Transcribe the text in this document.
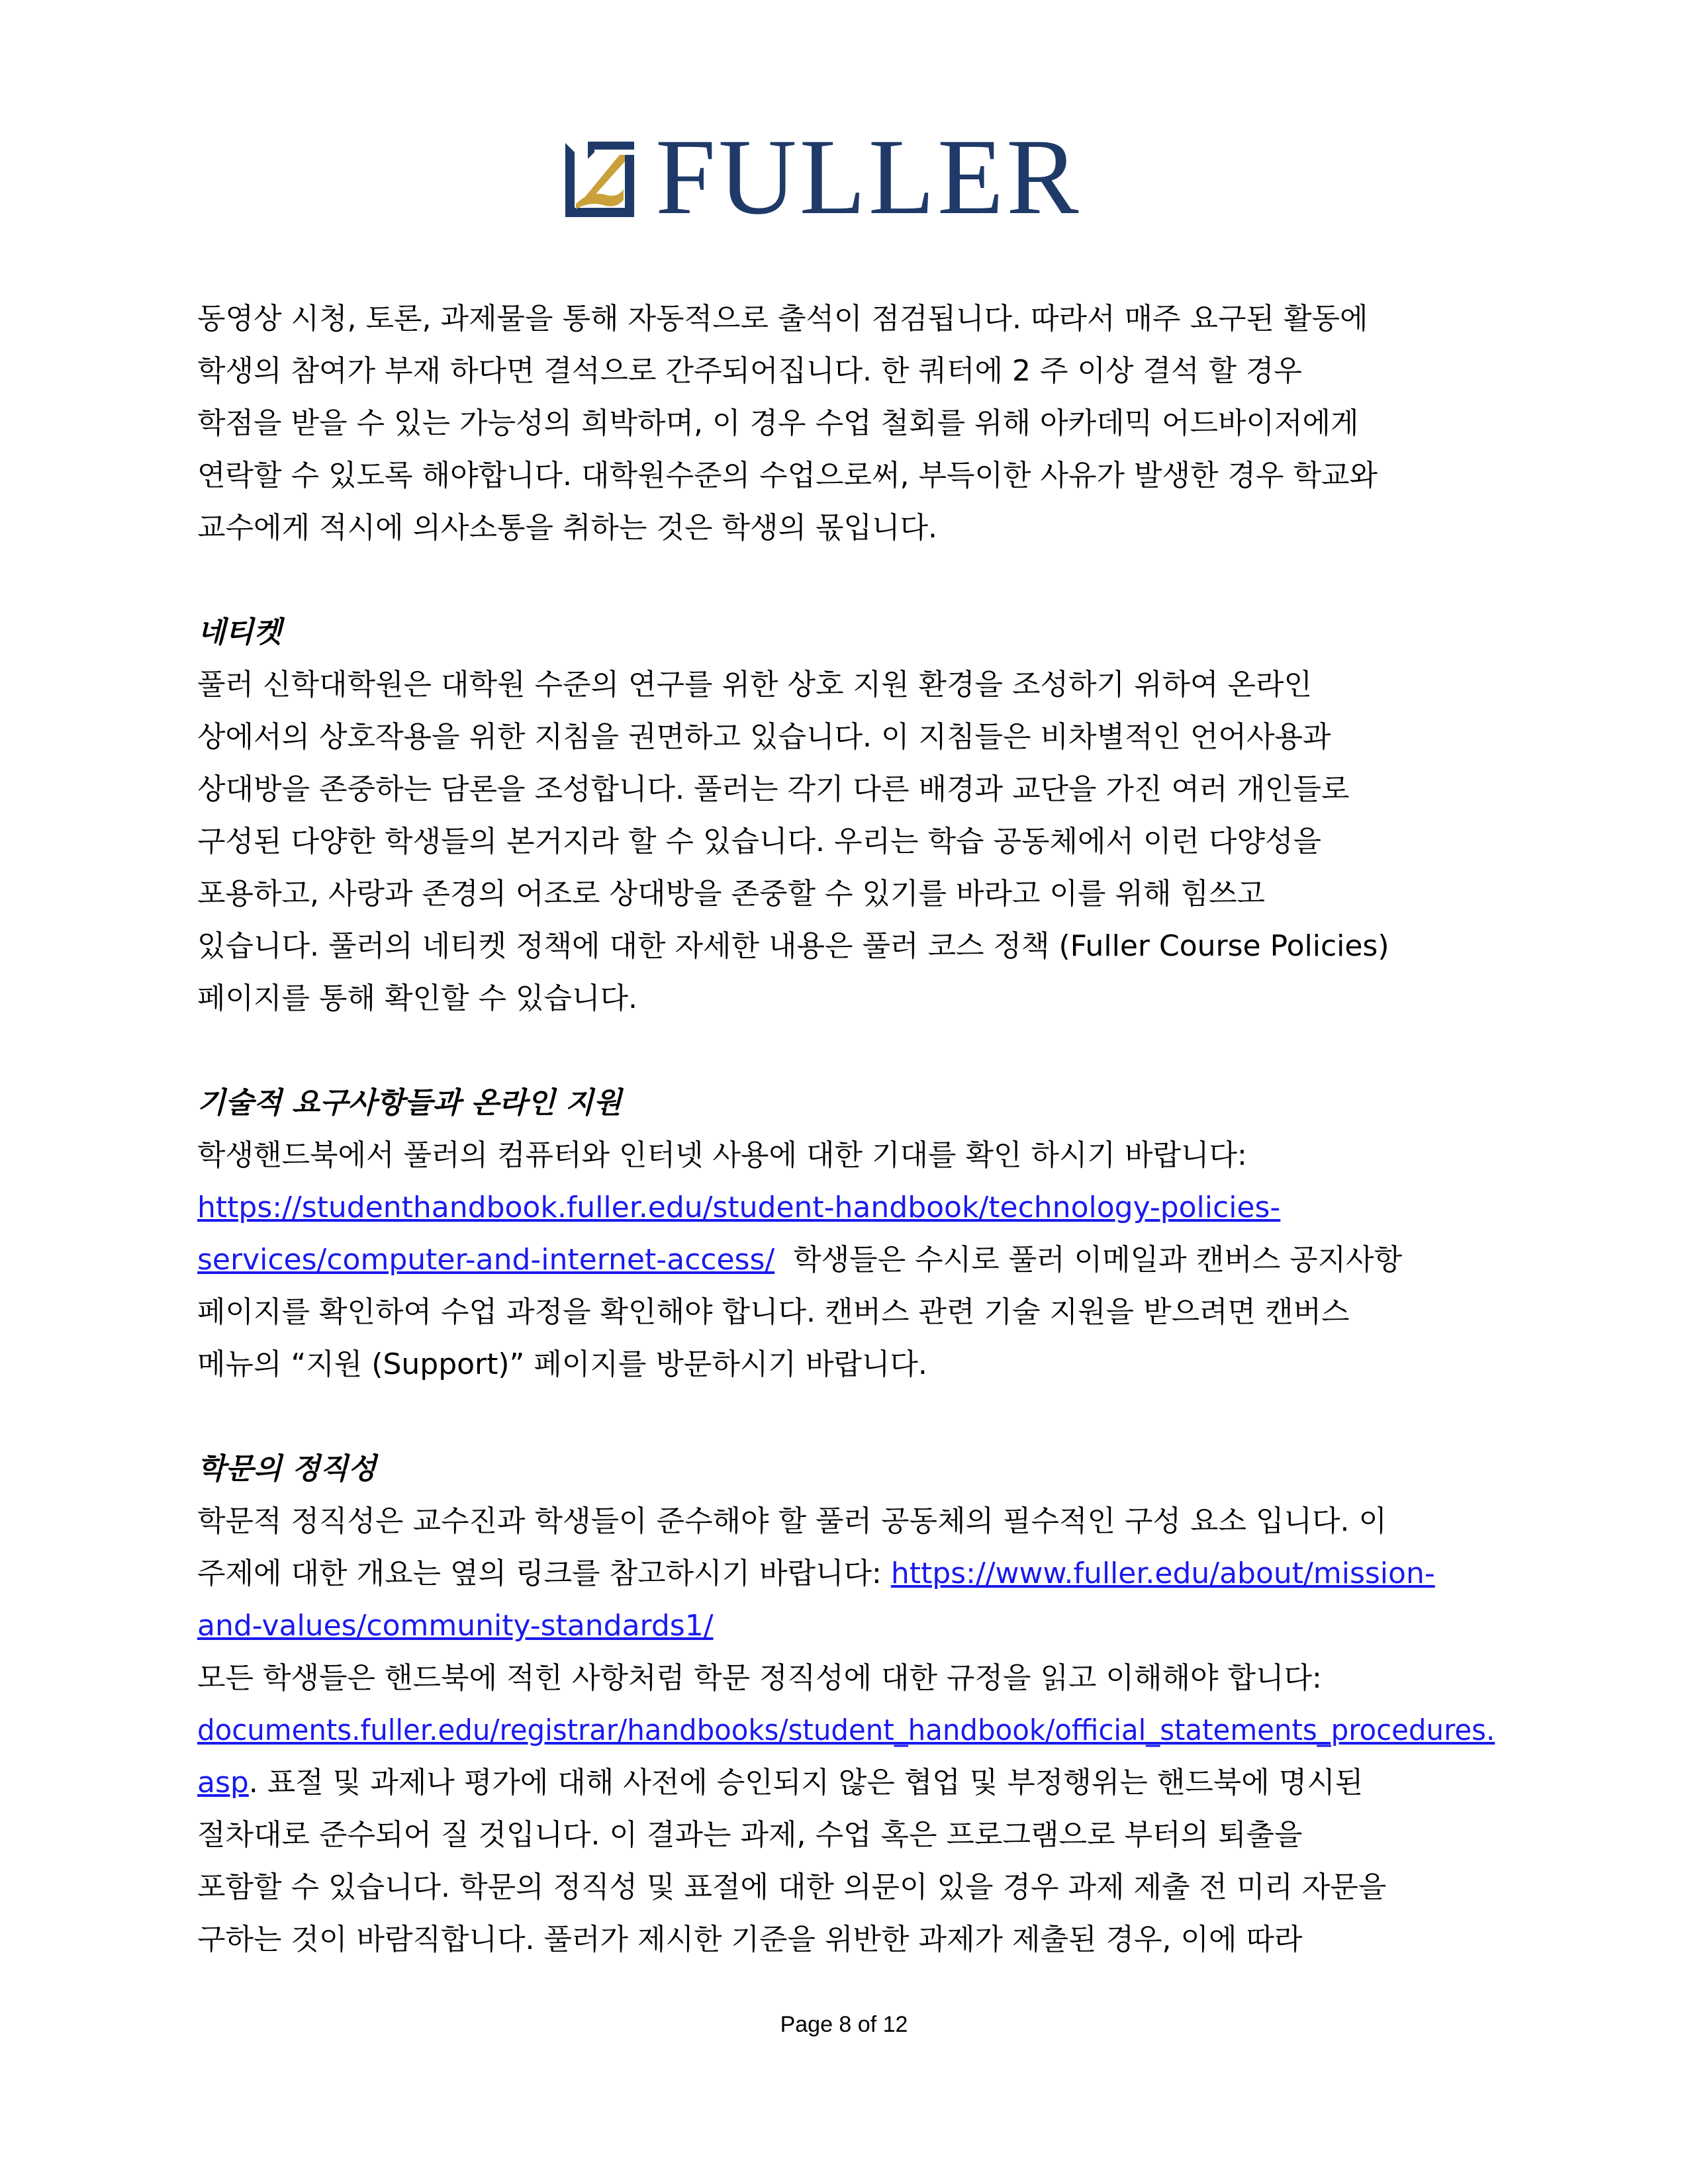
FULLER
동영상 시청, 토론, 과제물을 통해 자동적으로 출석이 점검됩니다. 따라서 매주 요구된 활동에
학생의 참여가 부재 하다면 결석으로 간주되어집니다. 한 쿼터에 2 주 이상 결석 할 경우
학점을 받을 수 있는 가능성의 희박하며, 이 경우 수업 철회를 위해 아카데믹 어드바이저에게
연락할 수 있도록 해야합니다. 대학원수준의 수업으로써, 부득이한 사유가 발생한 경우 학교와
교수에게 적시에 의사소통을 취하는 것은 학생의 몫입니다.
네티켓
풀러 신학대학원은 대학원 수준의 연구를 위한 상호 지원 환경을 조성하기 위하여 온라인
상에서의 상호작용을 위한 지침을 권면하고 있습니다. 이 지침들은 비차별적인 언어사용과
상대방을 존중하는 담론을 조성합니다. 풀러는 각기 다른 배경과 교단을 가진 여러 개인들로
구성된 다양한 학생들의 본거지라 할 수 있습니다. 우리는 학습 공동체에서 이런 다양성을
포용하고, 사랑과 존경의 어조로 상대방을 존중할 수 있기를 바라고 이를 위해 힘쓰고
있습니다. 풀러의 네티켓 정책에 대한 자세한 내용은 풀러 코스 정책 (Fuller Course Policies)
페이지를 통해 확인할 수 있습니다.
기술적 요구사항들과 온라인 지원
학생핸드북에서 풀러의 컴퓨터와 인터넷 사용에 대한 기대를 확인 하시기 바랍니다:
https://studenthandbook.fuller.edu/student-handbook/technology-policies-
services/computer-and-internet-access/  학생들은 수시로 풀러 이메일과 캔버스 공지사항
페이지를 확인하여 수업 과정을 확인해야 합니다. 캔버스 관련 기술 지원을 받으려면 캔버스
메뉴의 “지원 (Support)” 페이지를 방문하시기 바랍니다.
학문의 정직성
학문적 정직성은 교수진과 학생들이 준수해야 할 풀러 공동체의 필수적인 구성 요소 입니다. 이
주제에 대한 개요는 옆의 링크를 참고하시기 바랍니다: https://www.fuller.edu/about/mission-
and-values/community-standards1/
모든 학생들은 핸드북에 적힌 사항처럼 학문 정직성에 대한 규정을 읽고 이해해야 합니다:
documents.fuller.edu/registrar/handbooks/student_handbook/official_statements_procedures.
asp. 표절 및 과제나 평가에 대해 사전에 승인되지 않은 협업 및 부정행위는 핸드북에 명시된
절차대로 준수되어 질 것입니다. 이 결과는 과제, 수업 혹은 프로그램으로 부터의 퇴출을
포함할 수 있습니다. 학문의 정직성 및 표절에 대한 의문이 있을 경우 과제 제출 전 미리 자문을
구하는 것이 바람직합니다. 풀러가 제시한 기준을 위반한 과제가 제출된 경우, 이에 따라
Page 8 of 12
